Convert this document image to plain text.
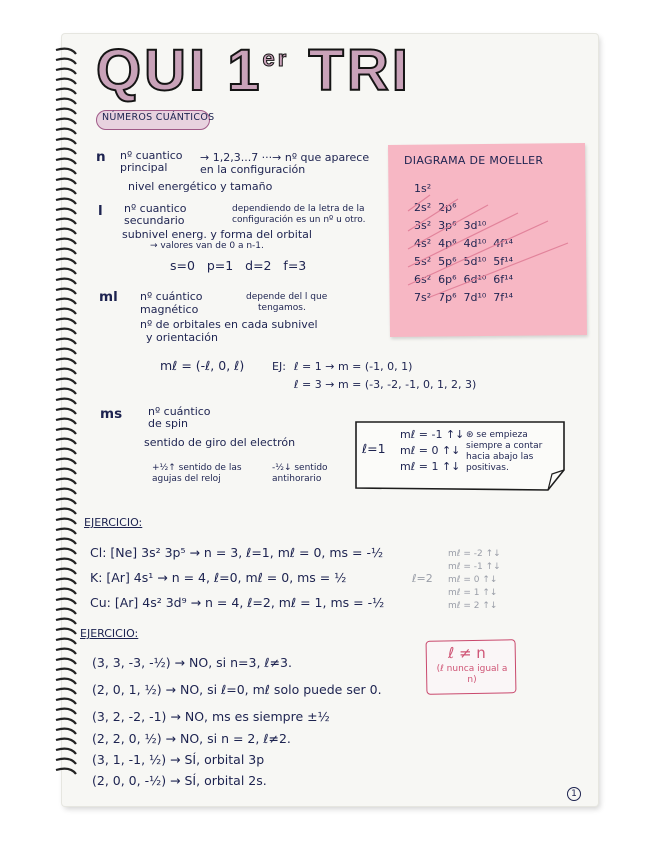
QUI 1er TRI
NÚMEROS CUÁNTICOS
n nº cuantico principal
→ 1,2,3...7 ···→ nº que aparece en la configuración
nivel energético y tamaño
l nº cuantico secundario
dependiendo de la letra de la
configuración es un nº u otro.
subnivel energ. y forma del orbital
→ valores van de 0 a n-1.
s=0   p=1   d=2   f=3
ml nº cuántico magnético
depende del l que
tengamos.
nº de orbitales en cada subnivel
y orientación
mℓ = (-ℓ, 0, ℓ)	EJ: ℓ = 1 → m = (-1, 0, 1)
ℓ = 3 → m = (-3, -2, -1, 0, 1, 2, 3)
ms nº cuántico de spin
sentido de giro del electrón
+½↑ sentido de las agujas del reloj
-½↓ sentido antihorario
DIAGRAMA DE MOELLER
1s²
2s²  2p⁶
3s²  3p⁶  3d¹⁰
4s²  4p⁶  4d¹⁰  4f¹⁴
5s²  5p⁶  5d¹⁰  5f¹⁴
6s²  6p⁶  6d¹⁰  6f¹⁴
7s²  7p⁶  7d¹⁰  7f¹⁴
ℓ=1
mℓ = -1 ↑↓
mℓ = 0 ↑↓
mℓ = 1 ↑↓
⊛ se empieza siempre a contar hacia abajo las positivas.
EJERCICIO:
Cl: [Ne] 3s² 3p⁵ → n = 3, ℓ=1, mℓ = 0, ms = -½
K: [Ar] 4s¹ → n = 4, ℓ=0, mℓ = 0, ms = ½
Cu: [Ar] 4s² 3d⁹ → n = 4, ℓ=2, mℓ = 1, ms = -½
ℓ=2
mℓ = -2 ↑↓
mℓ = -1 ↑↓
mℓ = 0 ↑↓
mℓ = 1 ↑↓
mℓ = 2 ↑↓
EJERCICIO:
(3, 3, -3, -½) → NO, si n=3, ℓ≠3.
(2, 0, 1, ½) → NO, si ℓ=0, mℓ solo puede ser 0.
(3, 2, -2, -1) → NO, ms es siempre ±½
(2, 2, 0, ½) → NO, si n = 2, ℓ≠2.
(3, 1, -1, ½) → SÍ, orbital 3p
(2, 0, 0, -½) → SÍ, orbital 2s.
ℓ ≠ n
(ℓ nunca igual a n)
1
